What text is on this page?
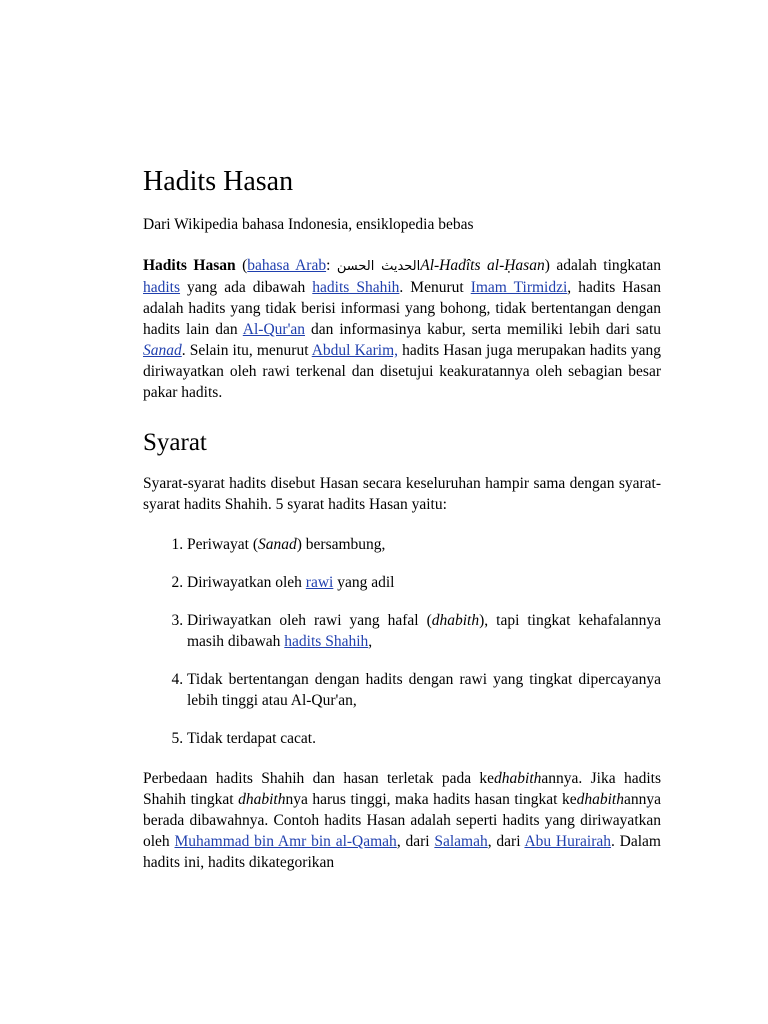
Hadits Hasan

Dari Wikipedia bahasa Indonesia, ensiklopedia bebas

Hadits Hasan (bahasa Arab: الحديث الحسنAl-Hadîts al-Ḥasan) adalah tingkatan hadits yang ada dibawah hadits Shahih. Menurut Imam Tirmidzi, hadits Hasan adalah hadits yang tidak berisi informasi yang bohong, tidak bertentangan dengan hadits lain dan Al-Qur'an dan informasinya kabur, serta memiliki lebih dari satu Sanad. Selain itu, menurut Abdul Karim, hadits Hasan juga merupakan hadits yang diriwayatkan oleh rawi terkenal dan disetujui keakuratannya oleh sebagian besar pakar hadits.

Syarat

Syarat-syarat hadits disebut Hasan secara keseluruhan hampir sama dengan syarat-syarat hadits Shahih. 5 syarat hadits Hasan yaitu:

1. Periwayat (Sanad) bersambung,
2. Diriwayatkan oleh rawi yang adil
3. Diriwayatkan oleh rawi yang hafal (dhabith), tapi tingkat kehafalannya masih dibawah hadits Shahih,
4. Tidak bertentangan dengan hadits dengan rawi yang tingkat dipercayanya lebih tinggi atau Al-Qur'an,
5. Tidak terdapat cacat.

Perbedaan hadits Shahih dan hasan terletak pada kedhabithannya. Jika hadits Shahih tingkat dhabithnya harus tinggi, maka hadits hasan tingkat kedhabithannya berada dibawahnya. Contoh hadits Hasan adalah seperti hadits yang diriwayatkan oleh Muhammad bin Amr bin al-Qamah, dari Salamah, dari Abu Hurairah. Dalam hadits ini, hadits dikategorikan
